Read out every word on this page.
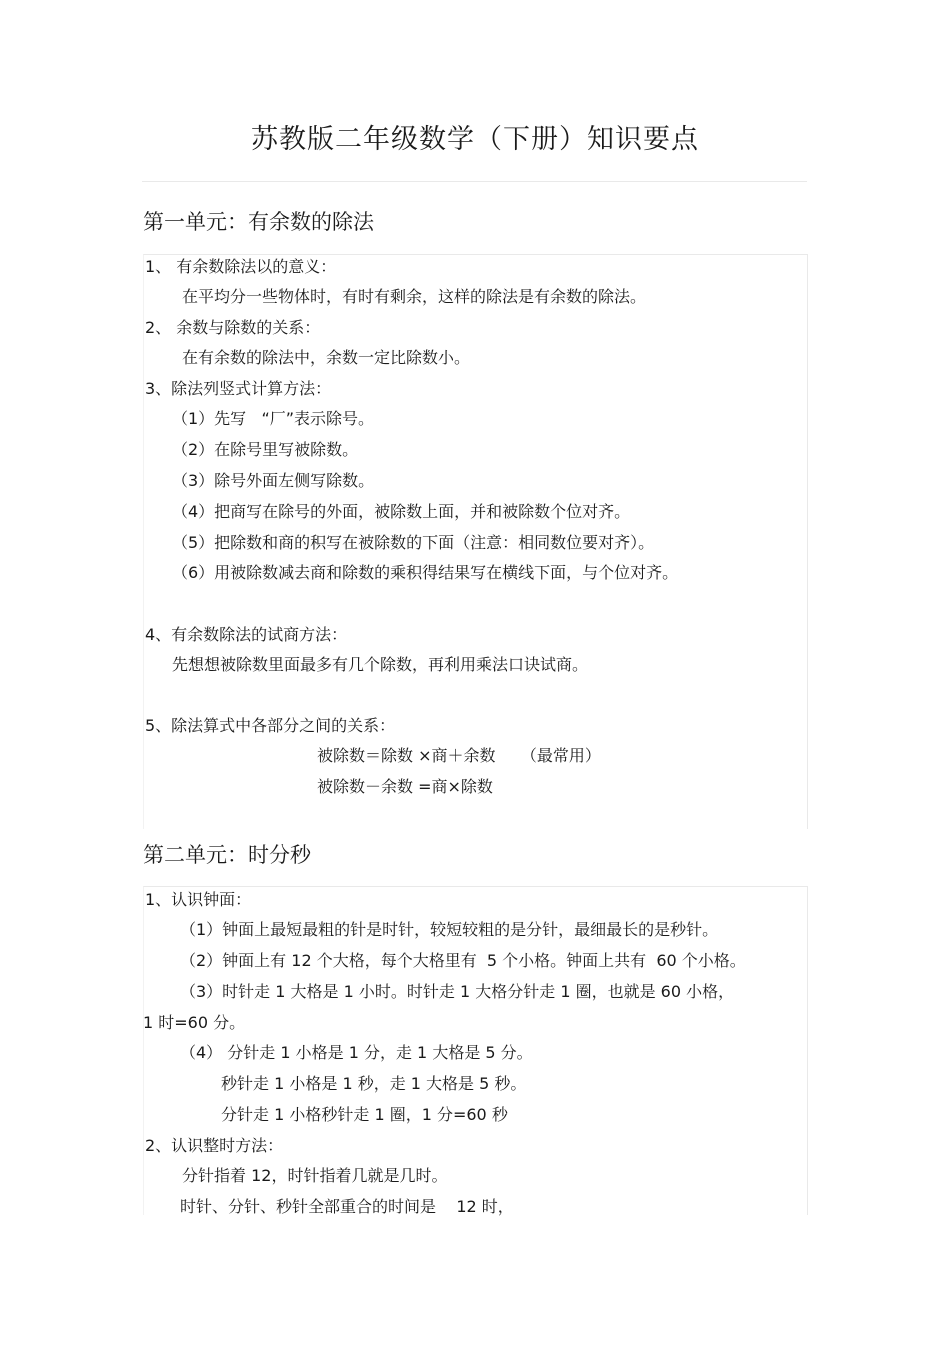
苏教版二年级数学（下册）知识要点
第一单元：有余数的除法
1、 有余数除法以的意义：
在平均分一些物体时，有时有剩余，这样的除法是有余数的除法。
2、 余数与除数的关系：
在有余数的除法中，余数一定比除数小。
3、除法列竖式计算方法：
（1）先写   “厂”表示除号。
（2）在除号里写被除数。
（3）除号外面左侧写除数。
（4）把商写在除号的外面，被除数上面，并和被除数个位对齐。
（5）把除数和商的积写在被除数的下面（注意：相同数位要对齐）。
（6）用被除数减去商和除数的乘积得结果写在横线下面，与个位对齐。
4、有余数除法的试商方法：
先想想被除数里面最多有几个除数，再利用乘法口诀试商。
5、除法算式中各部分之间的关系：
被除数＝除数 ×商＋余数     （最常用）
被除数－余数 =商×除数
第二单元：时分秒
1、认识钟面：
（1）钟面上最短最粗的针是时针，较短较粗的是分针，最细最长的是秒针。
（2）钟面上有 12 个大格，每个大格里有  5 个小格。钟面上共有  60 个小格。
（3）时针走 1 大格是 1 小时。时针走 1 大格分针走 1 圈，也就是 60 小格，
1 时=60 分。
（4） 分针走 1 小格是 1 分，走 1 大格是 5 分。
秒针走 1 小格是 1 秒，走 1 大格是 5 秒。
分针走 1 小格秒针走 1 圈，1 分=60 秒
2、认识整时方法：
分针指着 12，时针指着几就是几时。
时针、分针、秒针全部重合的时间是    12 时，
